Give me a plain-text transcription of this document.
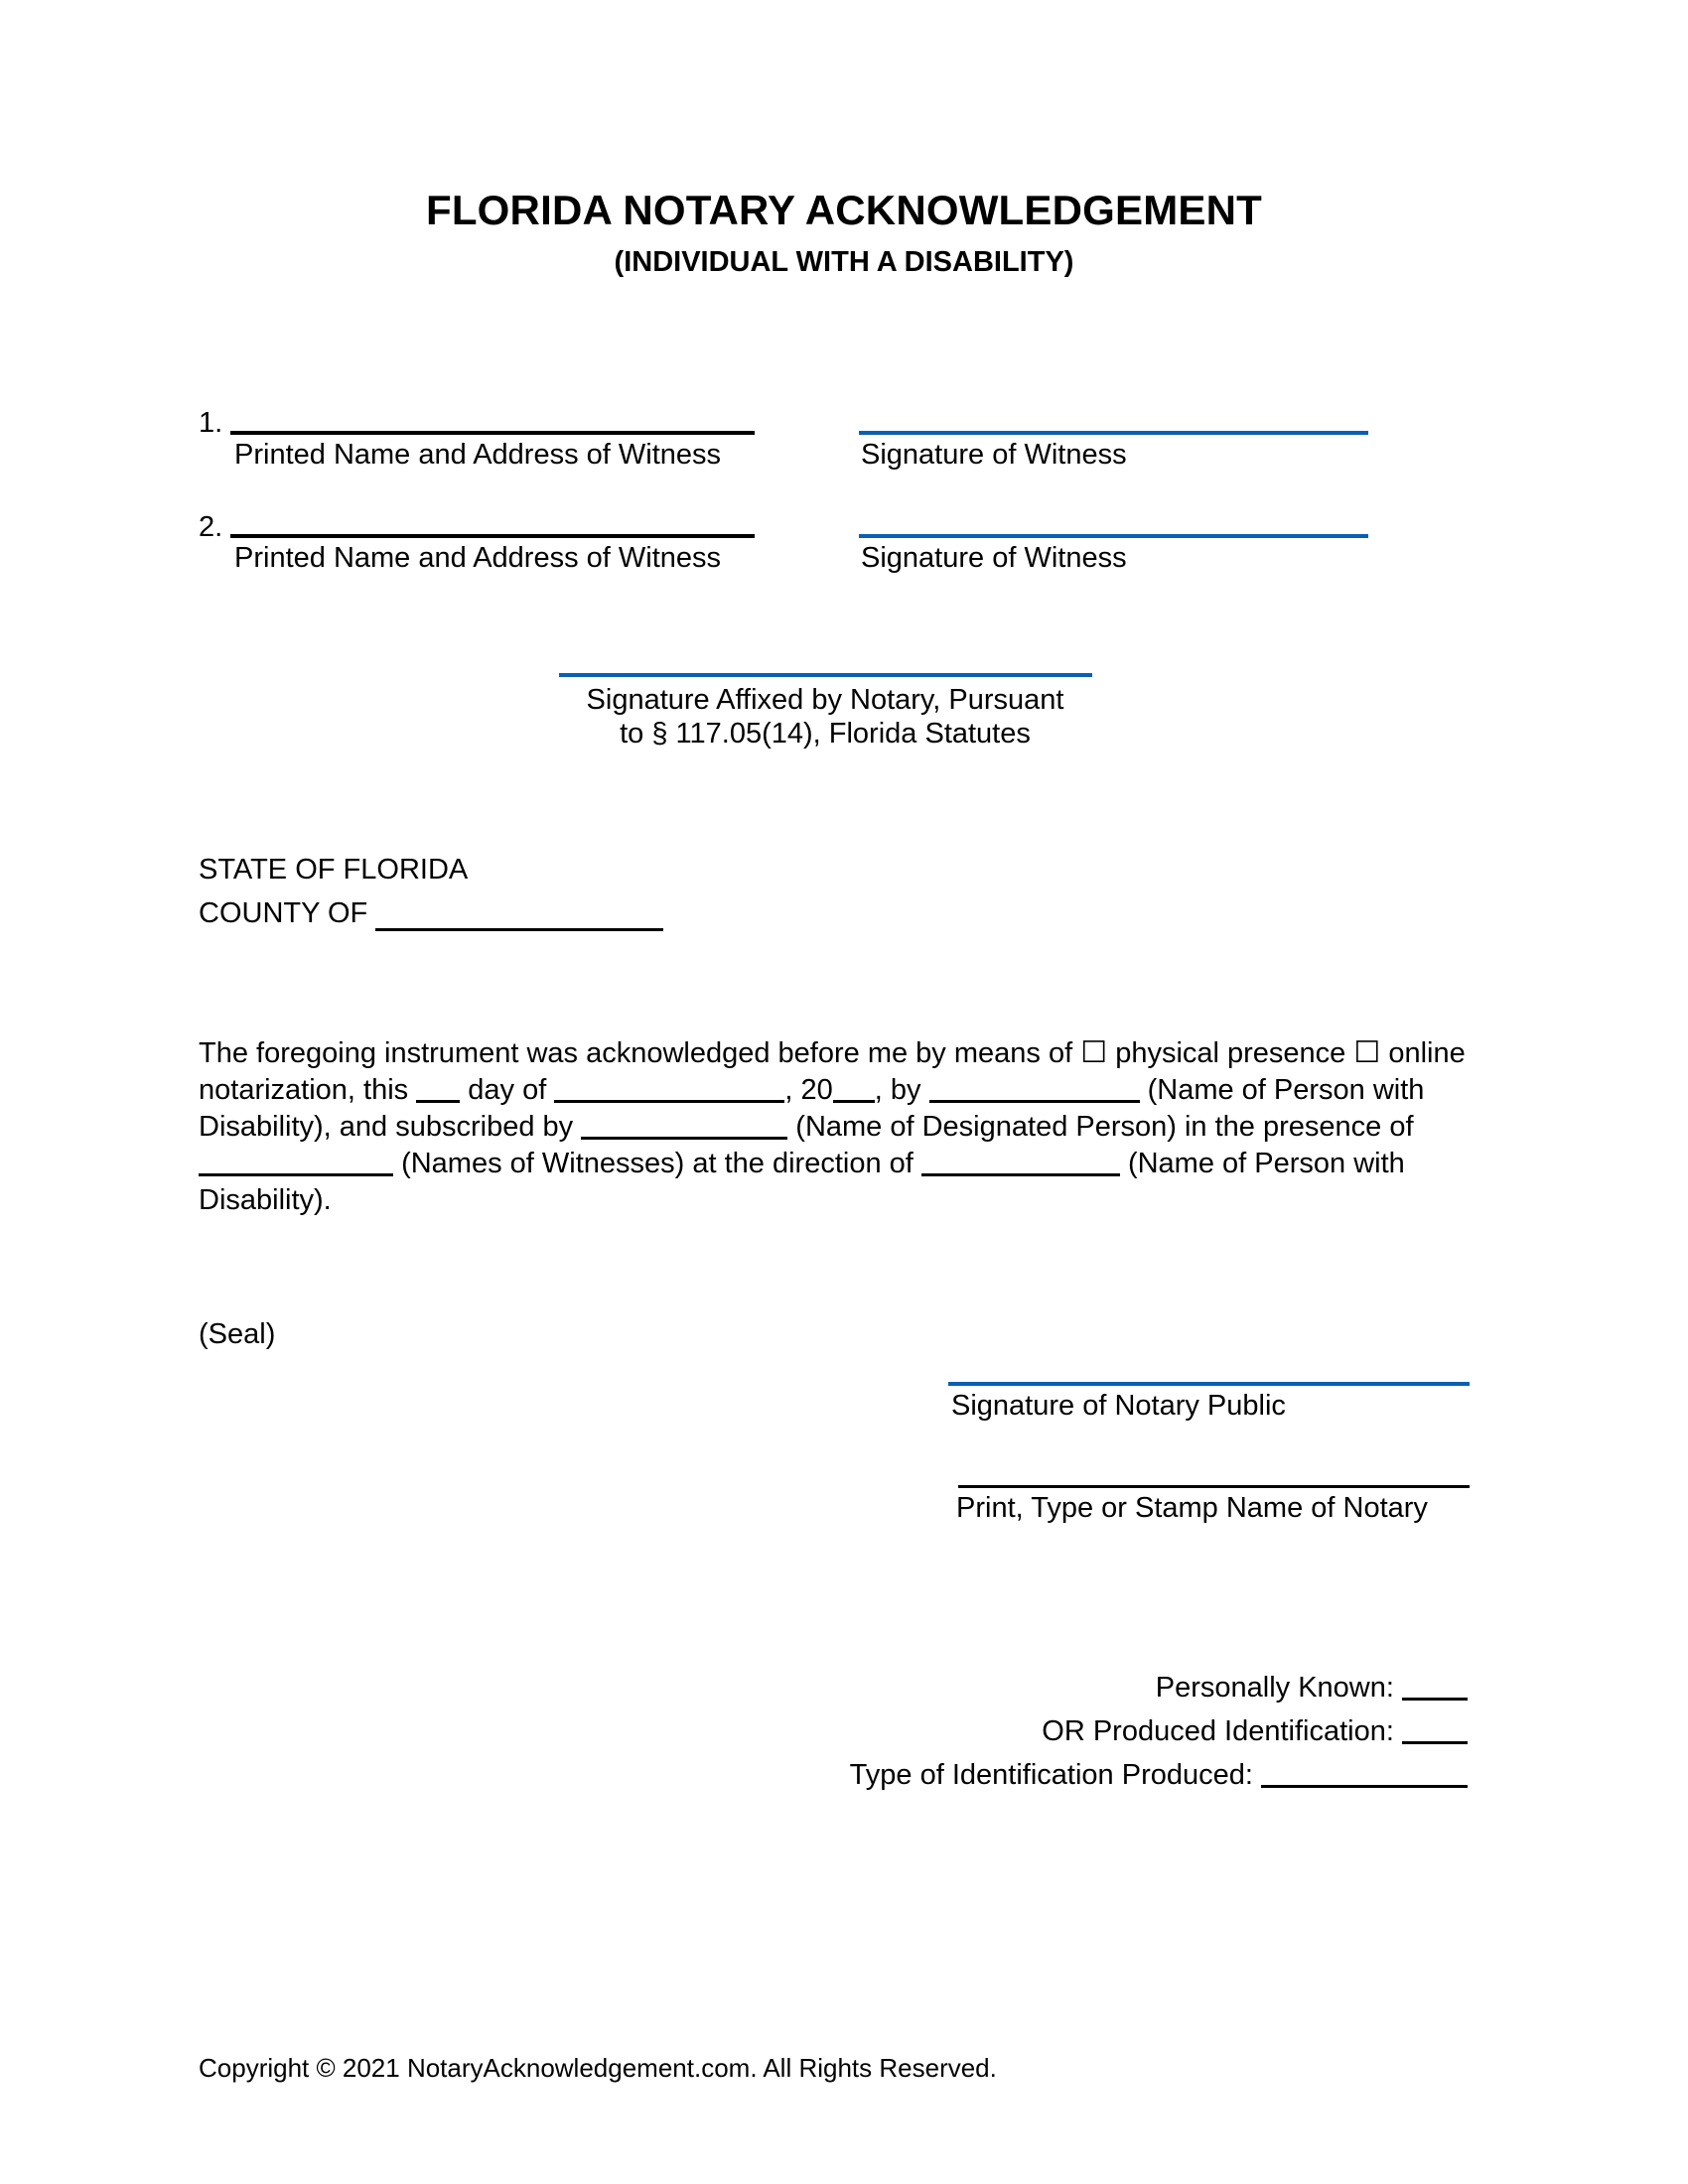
FLORIDA NOTARY ACKNOWLEDGEMENT
(INDIVIDUAL WITH A DISABILITY)
1.
Printed Name and Address of Witness	Signature of Witness
2.
Printed Name and Address of Witness	Signature of Witness
Signature Affixed by Notary, Pursuant
to § 117.05(14), Florida Statutes
STATE OF FLORIDA
COUNTY OF
The foregoing instrument was acknowledged before me by means of ☐ physical presence ☐ online notarization, this day of	, 20 , by	(Name of Person with Disability), and subscribed by	(Name of Designated Person) in the presence of  (Names of Witnesses) at the direction of	(Name of Person with Disability).
(Seal)
Signature of Notary Public
Print, Type or Stamp Name of Notary
Personally Known:
OR Produced Identification:
Type of Identification Produced:
Copyright © 2021 NotaryAcknowledgement.com. All Rights Reserved.
